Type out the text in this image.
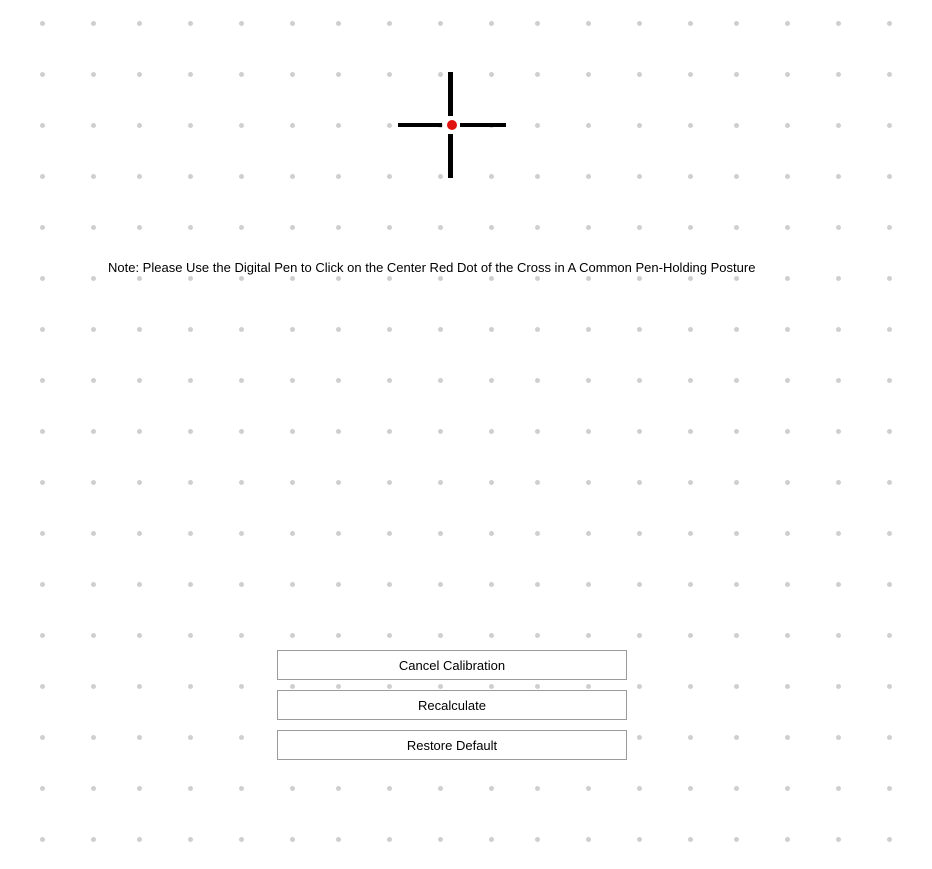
Note: Please Use the Digital Pen to Click on the Center Red Dot of the Cross in A Common Pen-Holding Posture
Cancel Calibration
Recalculate
Restore Default
